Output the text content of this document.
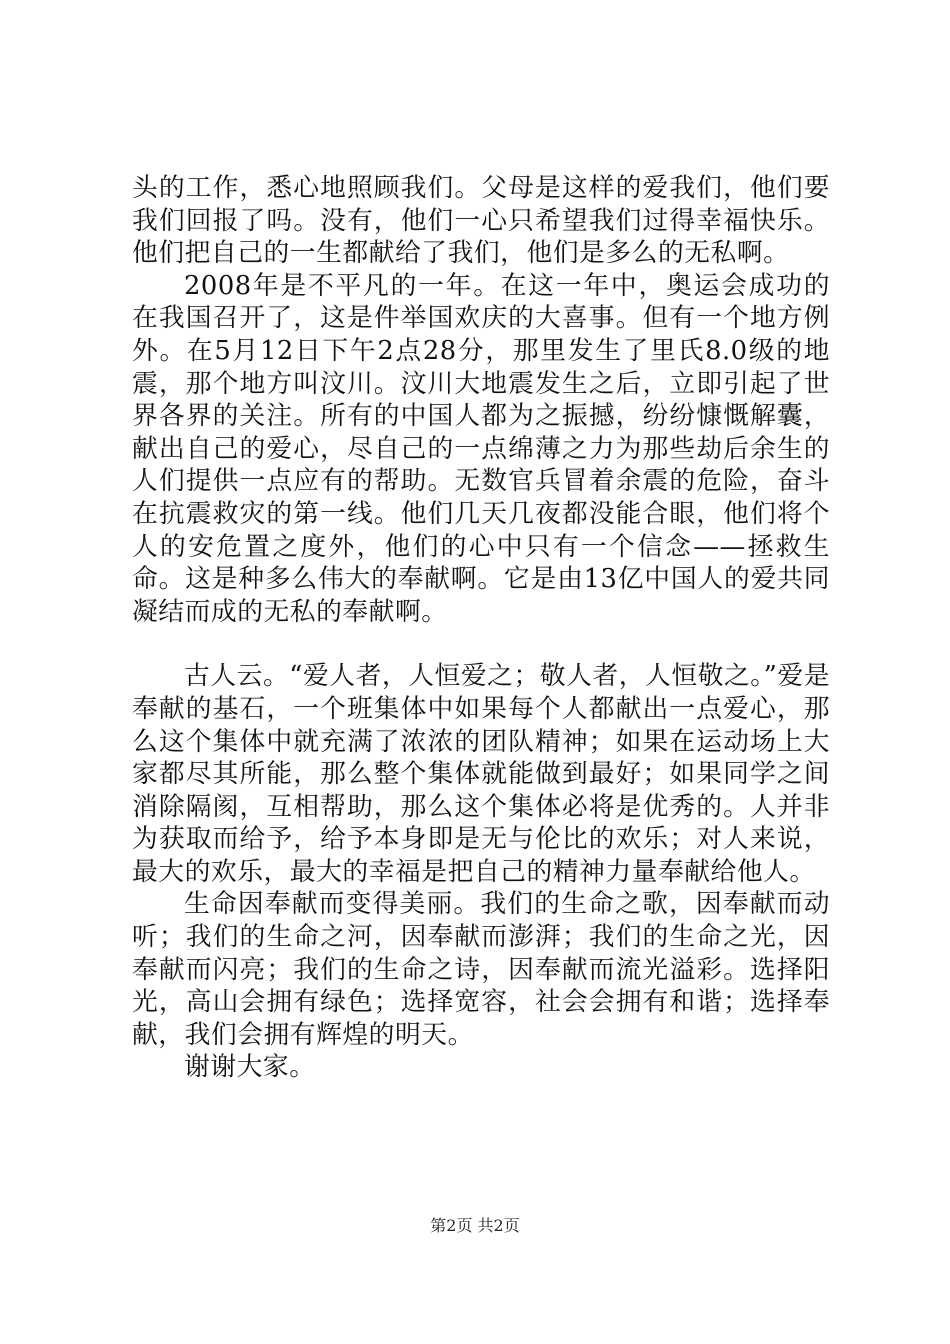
头的工作，悉心地照顾我们。父母是这样的爱我们，他们要我们回报了吗。没有，他们一心只希望我们过得幸福快乐。他们把自己的一生都献给了我们，他们是多么的无私啊。

2008年是不平凡的一年。在这一年中，奥运会成功的在我国召开了，这是件举国欢庆的大喜事。但有一个地方例外。在5月12日下午2点28分，那里发生了里氏8.0级的地震，那个地方叫汶川。汶川大地震发生之后，立即引起了世界各界的关注。所有的中国人都为之振撼，纷纷慷慨解囊，献出自己的爱心，尽自己的一点绵薄之力为那些劫后余生的人们提供一点应有的帮助。无数官兵冒着余震的危险，奋斗在抗震救灾的第一线。他们几天几夜都没能合眼，他们将个人的安危置之度外，他们的心中只有一个信念——拯救生命。这是种多么伟大的奉献啊。它是由13亿中国人的爱共同凝结而成的无私的奉献啊。

古人云。“爱人者，人恒爱之；敬人者，人恒敬之。”爱是奉献的基石，一个班集体中如果每个人都献出一点爱心，那么这个集体中就充满了浓浓的团队精神；如果在运动场上大家都尽其所能，那么整个集体就能做到最好；如果同学之间消除隔阂，互相帮助，那么这个集体必将是优秀的。人并非为获取而给予，给予本身即是无与伦比的欢乐；对人来说，最大的欢乐，最大的幸福是把自己的精神力量奉献给他人。

生命因奉献而变得美丽。我们的生命之歌，因奉献而动听；我们的生命之河，因奉献而澎湃；我们的生命之光，因奉献而闪亮；我们的生命之诗，因奉献而流光溢彩。选择阳光，高山会拥有绿色；选择宽容，社会会拥有和谐；选择奉献，我们会拥有辉煌的明天。

谢谢大家。

第2页 共2页
